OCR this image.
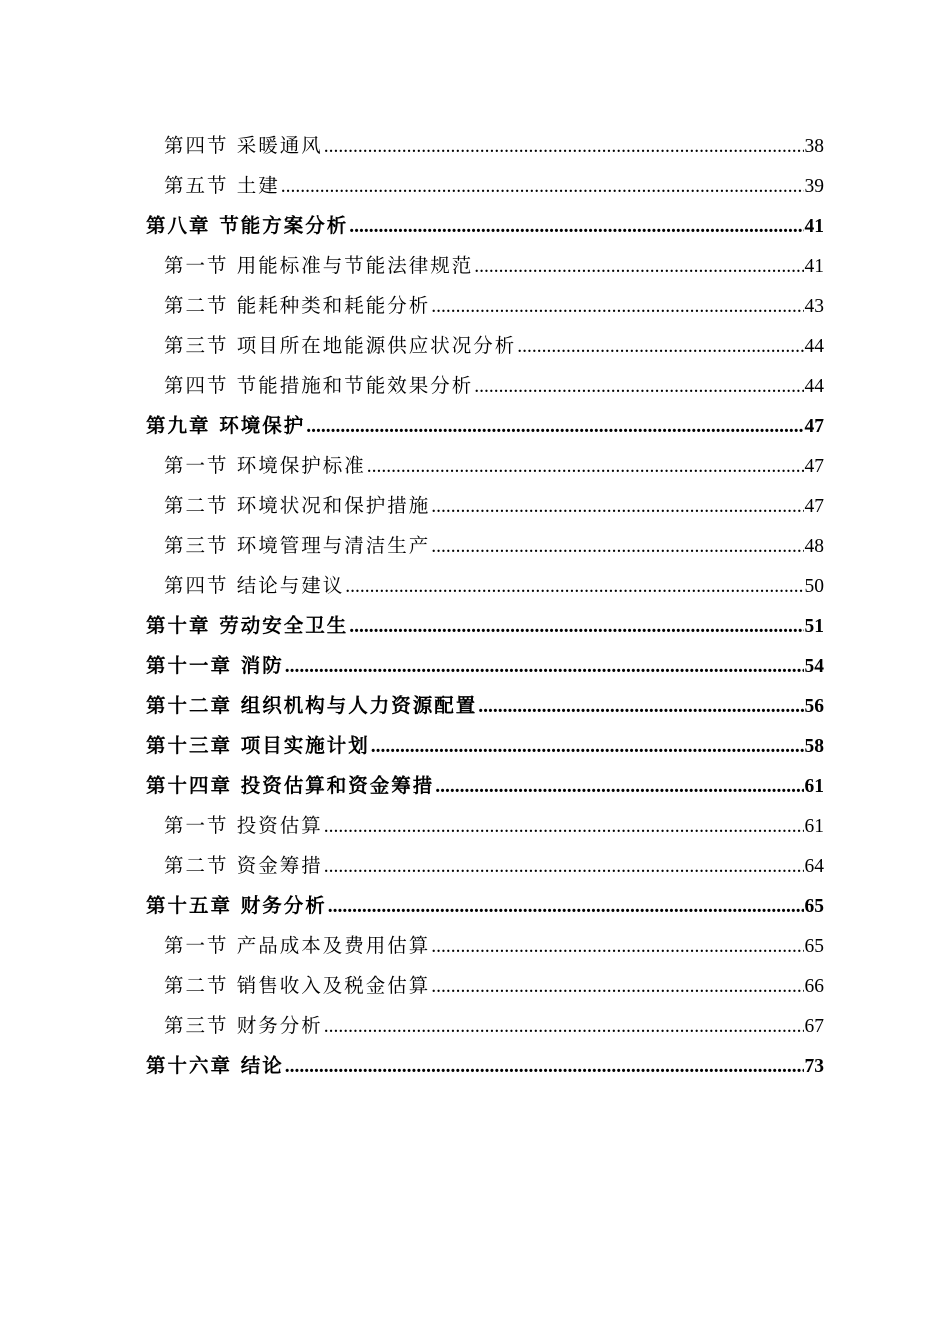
第四节 采暖通风 .....	38
第五节 土建 .....	39
第八章 节能方案分析 .....	41
第一节 用能标准与节能法律规范 .....	41
第二节 能耗种类和耗能分析 .....	43
第三节 项目所在地能源供应状况分析 .....	44
第四节 节能措施和节能效果分析 .....	44
第九章 环境保护 .....	47
第一节 环境保护标准 .....	47
第二节 环境状况和保护措施 .....	47
第三节 环境管理与清洁生产 .....	48
第四节 结论与建议 .....	50
第十章 劳动安全卫生 .....	51
第十一章 消防 .....	54
第十二章 组织机构与人力资源配置 .....	56
第十三章 项目实施计划 .....	58
第十四章 投资估算和资金筹措 .....	61
第一节 投资估算 .....	61
第二节 资金筹措 .....	64
第十五章 财务分析 .....	65
第一节 产品成本及费用估算 .....	65
第二节 销售收入及税金估算 .....	66
第三节 财务分析 .....	67
第十六章 结论 .....	73
